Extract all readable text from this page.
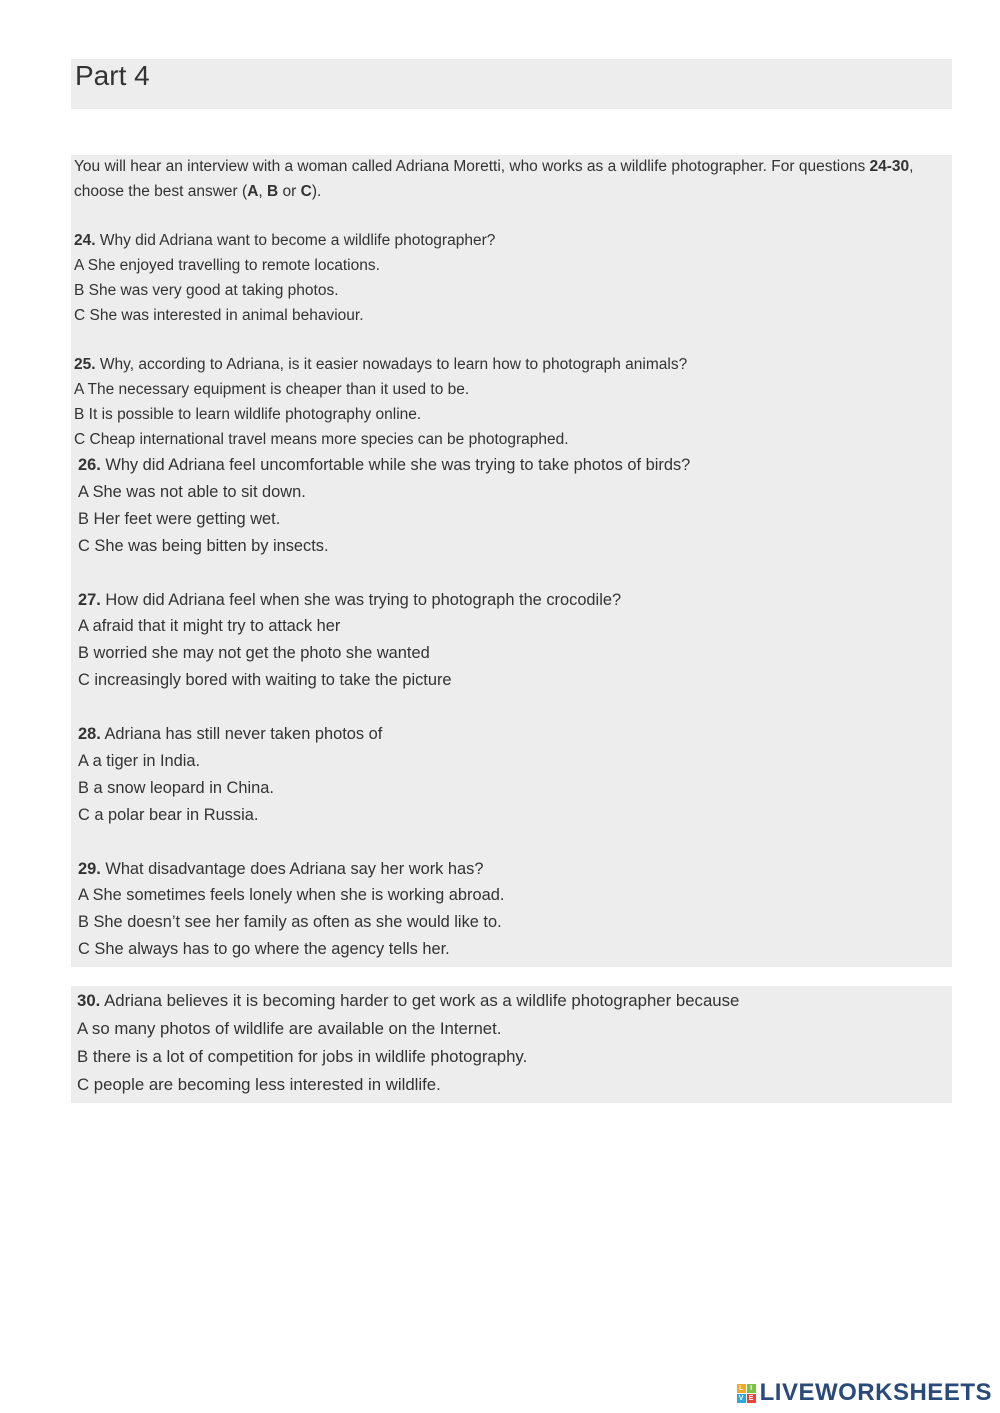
Part 4

You will hear an interview with a woman called Adriana Moretti, who works as a wildlife photographer. For questions 24-30, choose the best answer (A, B or C).

24. Why did Adriana want to become a wildlife photographer?

A She enjoyed travelling to remote locations.

B She was very good at taking photos.

C She was interested in animal behaviour.

25. Why, according to Adriana, is it easier nowadays to learn how to photograph animals?

A The necessary equipment is cheaper than it used to be.

B It is possible to learn wildlife photography online.

C Cheap international travel means more species can be photographed.

26. Why did Adriana feel uncomfortable while she was trying to take photos of birds?

A She was not able to sit down.

B Her feet were getting wet.

C She was being bitten by insects.

27. How did Adriana feel when she was trying to photograph the crocodile?

A afraid that it might try to attack her

B worried she may not get the photo she wanted

C increasingly bored with waiting to take the picture

28. Adriana has still never taken photos of

A a tiger in India.

B a snow leopard in China.

C a polar bear in Russia.

29. What disadvantage does Adriana say her work has?

A She sometimes feels lonely when she is working abroad.

B She doesn’t see her family as often as she would like to.

C She always has to go where the agency tells her.

30. Adriana believes it is becoming harder to get work as a wildlife photographer because

A so many photos of wildlife are available on the Internet.

B there is a lot of competition for jobs in wildlife photography.

C people are becoming less interested in wildlife.

L I
V E LIVEWORKSHEETS
